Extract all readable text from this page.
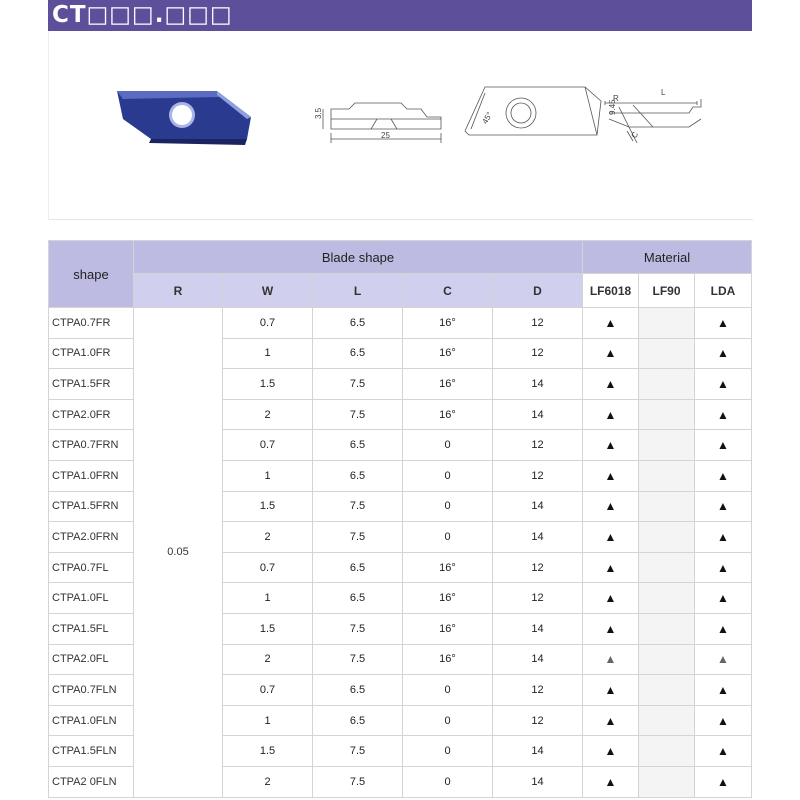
CT□□□.□□□
3.5
25
45°
9.45
R
L
C
shape	Blade shape					Material		
	R	W	L	C	D	LF6018	LF90	LDA
CTPA0.7FR	0.05	0.7	6.5	16°	12	▲		▲
CTPA1.0FR		1	6.5	16°	12	▲		▲
CTPA1.5FR		1.5	7.5	16°	14	▲		▲
CTPA2.0FR		2	7.5	16°	14	▲		▲
CTPA0.7FRN		0.7	6.5	0	12	▲		▲
CTPA1.0FRN		1	6.5	0	12	▲		▲
CTPA1.5FRN		1.5	7.5	0	14	▲		▲
CTPA2.0FRN		2	7.5	0	14	▲		▲
CTPA0.7FL		0.7	6.5	16°	12	▲		▲
CTPA1.0FL		1	6.5	16°	12	▲		▲
CTPA1.5FL		1.5	7.5	16°	14	▲		▲
CTPA2.0FL		2	7.5	16°	14	▲		▲
CTPA0.7FLN		0.7	6.5	0	12	▲		▲
CTPA1.0FLN		1	6.5	0	12	▲		▲
CTPA1.5FLN		1.5	7.5	0	14	▲		▲
CTPA2 0FLN		2	7.5	0	14	▲		▲
